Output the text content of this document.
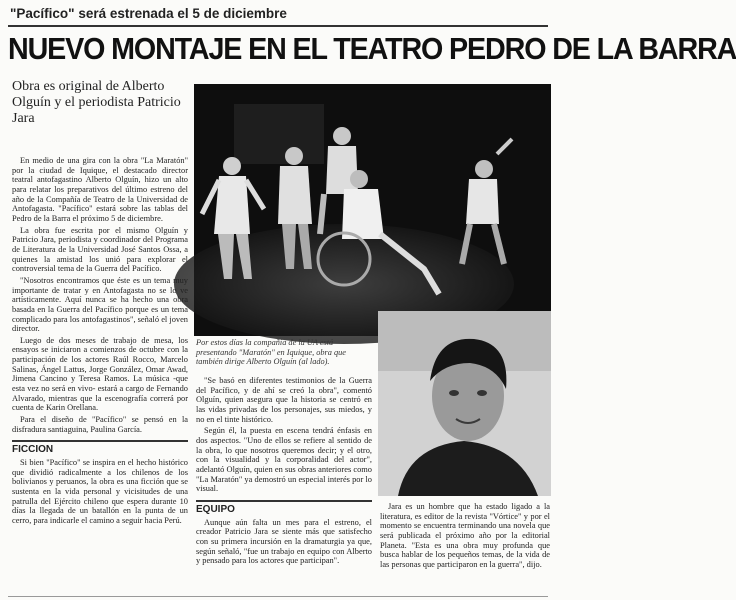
"Pacífico" será estrenada el 5 de diciembre
NUEVO MONTAJE EN EL TEATRO PEDRO DE LA BARRA
Obra es original de Alberto Olguín y el periodista Patricio Jara
Por estos días la compañía de la UA está presentando "Maratón" en Iquique, obra que también dirige Alberto Olguín (al lado).

En medio de una gira con la obra "La Maratón" por la ciudad de Iquique, el destacado director teatral antofagastino Alberto Olguín, hizo un alto para relatar los preparativos del último estreno del año de la Compañía de Teatro de la Universidad de Antofagasta. "Pacífico" estará sobre las tablas del Pedro de la Barra el próximo 5 de diciembre.

La obra fue escrita por el mismo Olguín y Patricio Jara, periodista y coordinador del Programa de Literatura de la Universidad José Santos Ossa, a quienes la amistad los unió para explorar el controversial tema de la Guerra del Pacífico.

"Nosotros encontramos que éste es un tema muy importante de tratar y en Antofagasta no se lo ve artísticamente. Aquí nunca se ha hecho una obra basada en la Guerra del Pacífico porque es un tema complicado para los antofagastinos", señaló el joven director.

Luego de dos meses de trabajo de mesa, los ensayos se iniciaron a comienzos de octubre con la participación de los actores Raúl Rocco, Marcelo Salinas, Ángel Lattus, Jorge González, Omar Awad, Jimena Cancino y Teresa Ramos. La música -que esta vez no será en vivo- estará a cargo de Fernando Alvarado, mientras que la escenografía correrá por cuenta de Karin Orellana.

Para el diseño de "Pacífico" se pensó en la disfradura santiaguina, Paulina García.

FICCION

Si bien "Pacífico" se inspira en el hecho histórico que dividió radicalmente a los chilenos de los bolivianos y peruanos, la obra es una ficción que se sustenta en la vida personal y vicisitudes de una patrulla del Ejército chileno que espera durante 10 días la llegada de un batallón en la punta de un cerro, para indicarle el camino a seguir hacia Perú.

"Se basó en diferentes testimonios de la Guerra del Pacífico, y de ahí se creó la obra", comentó Olguín, quien asegura que la historia se centró en las vidas privadas de los personajes, sus miedos, y no en el tinte histórico.

Según él, la puesta en escena tendrá énfasis en dos aspectos. "Uno de ellos se refiere al sentido de la obra, lo que nosotros queremos decir; y el otro, con la visualidad y la corporalidad del actor", adelantó Olguín, quien en sus obras anteriores como "La Maratón" ya demostró un especial interés por lo visual.

EQUIPO

Aunque aún falta un mes para el estreno, el creador Patricio Jara se siente más que satisfecho con su primera incursión en la dramaturgia ya que, según señaló, "fue un trabajo en equipo con Alberto y pensado para los actores que participan".

Jara es un hombre que ha estado ligado a la literatura, es editor de la revista "Vórtice" y por el momento se encuentra terminando una novela que será publicada el próximo año por la editorial Planeta. "Esta es una obra muy profunda que busca hablar de los pequeños temas, de la vida de las personas que participaron en la guerra", dijo.
